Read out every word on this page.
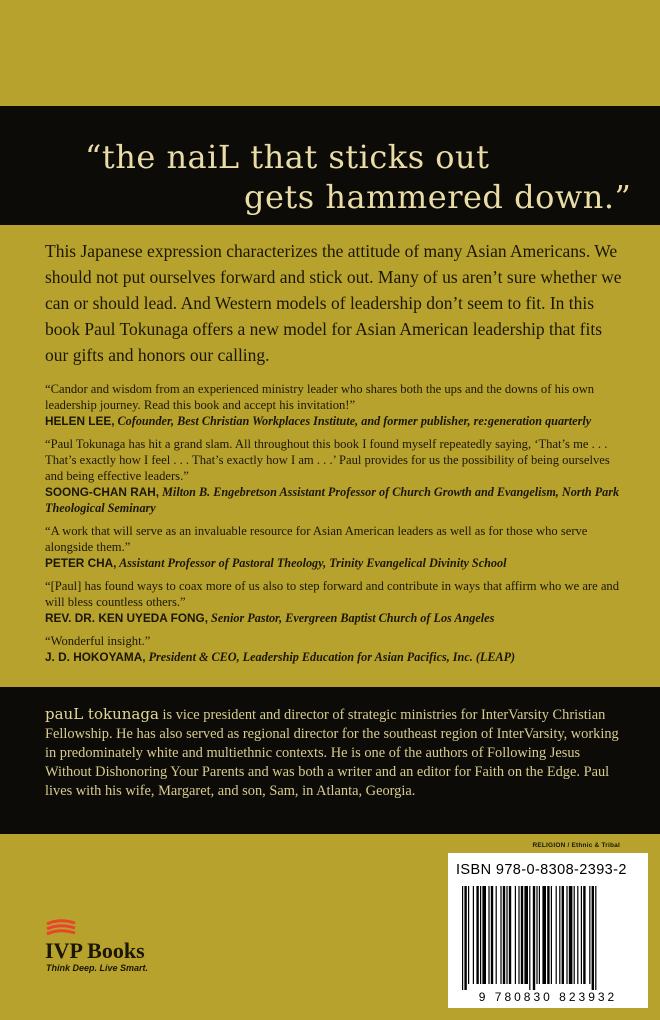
“the naiL that sticks out
gets hammered down.”
This Japanese expression characterizes the attitude of many Asian Americans. We should not put ourselves forward and stick out. Many of us aren’t sure whether we can or should lead. And Western models of leadership don’t seem to fit. In this book Paul Tokunaga offers a new model for Asian American leadership that fits our gifts and honors our calling.
“Candor and wisdom from an experienced ministry leader who shares both the ups and the downs of his own leadership journey. Read this book and accept his invitation!”
HELEN LEE, Cofounder, Best Christian Workplaces Institute, and former publisher, re:generation quarterly
“Paul Tokunaga has hit a grand slam. All throughout this book I found myself repeatedly saying, ‘That’s me . . . That’s exactly how I feel . . . That’s exactly how I am . . .’ Paul provides for us the possibility of being ourselves and being effective leaders.”
SOONG-CHAN RAH, Milton B. Engebretson Assistant Professor of Church Growth and Evangelism, North Park Theological Seminary
“A work that will serve as an invaluable resource for Asian American leaders as well as for those who serve alongside them.”
PETER CHA, Assistant Professor of Pastoral Theology, Trinity Evangelical Divinity School
“[Paul] has found ways to coax more of us also to step forward and contribute in ways that affirm who we are and will bless countless others.”
REV. DR. KEN UYEDA FONG, Senior Pastor, Evergreen Baptist Church of Los Angeles
“Wonderful insight.”
J. D. HOKOYAMA, President & CEO, Leadership Education for Asian Pacifics, Inc. (LEAP)
pauL tokunaga is vice president and director of strategic ministries for InterVarsity Christian Fellowship. He has also served as regional director for the southeast region of InterVarsity, working in predominately white and multiethnic contexts. He is one of the authors of Following Jesus Without Dishonoring Your Parents and was both a writer and an editor for Faith on the Edge. Paul lives with his wife, Margaret, and son, Sam, in Atlanta, Georgia.
RELIGION / Ethnic & Tribal
ISBN 978-0-8308-2393-2
9 780830 823932
IVP Books
Think Deep. Live Smart.
